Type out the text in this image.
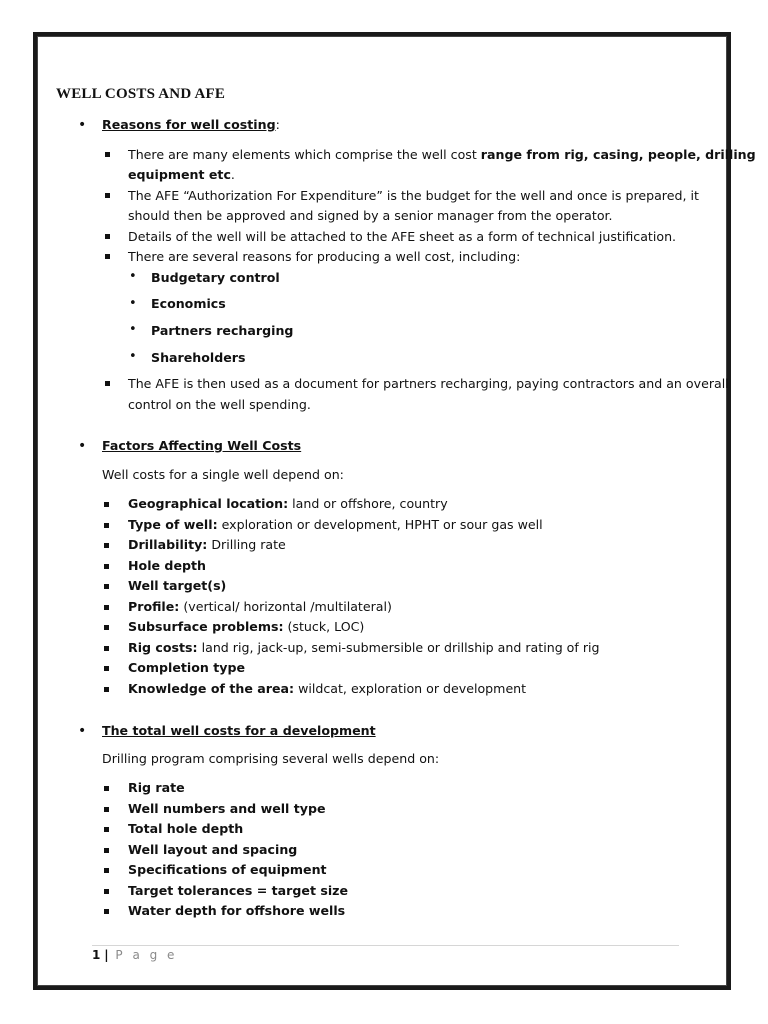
WELL COSTS AND AFE
• Reasons for well costing:

There are many elements which comprise the well cost range from rig, casing, people, drilling

equipment etc.

The AFE “Authorization For Expenditure” is the budget for the well and once is prepared, it

should then be approved and signed by a senior manager from the operator.

Details of the well will be attached to the AFE sheet as a form of technical justification.

There are several reasons for producing a well cost, including:

• Budgetary control

• Economics

• Partners recharging

• Shareholders

The AFE is then used as a document for partners recharging, paying contractors and an overall

control on the well spending.

• Factors Affecting Well Costs

Well costs for a single well depend on:

Geographical location: land or offshore, country
Type of well: exploration or development, HPHT or sour gas well
Drillability: Drilling rate
Hole depth
Well target(s)
Profile: (vertical/ horizontal /multilateral)
Subsurface problems: (stuck, LOC)
Rig costs: land rig, jack-up, semi-submersible or drillship and rating of rig
Completion type
Knowledge of the area: wildcat, exploration or development
• The total well costs for a development

Drilling program comprising several wells depend on:

Rig rate
Well numbers and well type
Total hole depth
Well layout and spacing
Specifications of equipment
Target tolerances = target size
Water depth for offshore wells
1 | P a g e
